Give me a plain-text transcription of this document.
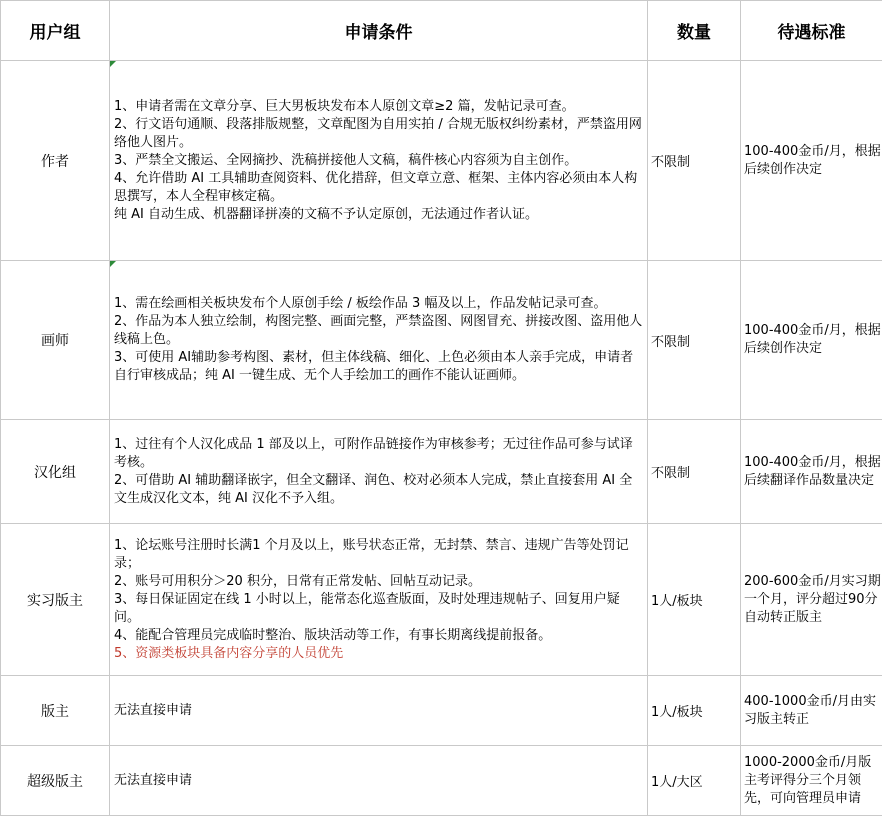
用户组	申请条件	数量	待遇标准
作者	1、申请者需在文章分享、巨大男板块发布本人原创文章≥2 篇，发帖记录可查。
2、行文语句通顺、段落排版规整，文章配图为自用实拍 / 合规无版权纠纷素材，严禁盗用网络他人图片。
3、严禁全文搬运、全网摘抄、洗稿拼接他人文稿，稿件核心内容须为自主创作。
4、允许借助 AI 工具辅助查阅资料、优化措辞，但文章立意、框架、主体内容必须由本人构思撰写，本人全程审核定稿。
纯 AI 自动生成、机器翻译拼凑的文稿不予认定原创，无法通过作者认证。	不限制	100-400金币/月，根据后续创作决定
画师	1、需在绘画相关板块发布个人原创手绘 / 板绘作品 3 幅及以上，作品发帖记录可查。
2、作品为本人独立绘制，构图完整、画面完整，严禁盗图、网图冒充、拼接改图、盗用他人线稿上色。
3、可使用 AI辅助参考构图、素材，但主体线稿、细化、上色必须由本人亲手完成，申请者自行审核成品；纯 AI 一键生成、无个人手绘加工的画作不能认证画师。	不限制	100-400金币/月，根据后续创作决定
汉化组	1、过往有个人汉化成品 1 部及以上，可附作品链接作为审核参考；无过往作品可参与试译考核。
2、可借助 AI 辅助翻译嵌字，但全文翻译、润色、校对必须本人完成，禁止直接套用 AI 全文生成汉化文本，纯 AI 汉化不予入组。	不限制	100-400金币/月，根据后续翻译作品数量决定
实习版主	1、论坛账号注册时长满1 个月及以上，账号状态正常，无封禁、禁言、违规广告等处罚记录；
2、账号可用积分＞20 积分，日常有正常发帖、回帖互动记录。
3、每日保证固定在线 1 小时以上，能常态化巡查版面，及时处理违规帖子、回复用户疑问。
4、能配合管理员完成临时整治、版块活动等工作，有事长期离线提前报备。
5、资源类板块具备内容分享的人员优先	1人/板块	200-600金币/月实习期一个月，评分超过90分自动转正版主
版主	无法直接申请	1人/板块	400-1000金币/月由实习版主转正
超级版主	无法直接申请	1人/大区	1000-2000金币/月版主考评得分三个月领先，可向管理员申请
